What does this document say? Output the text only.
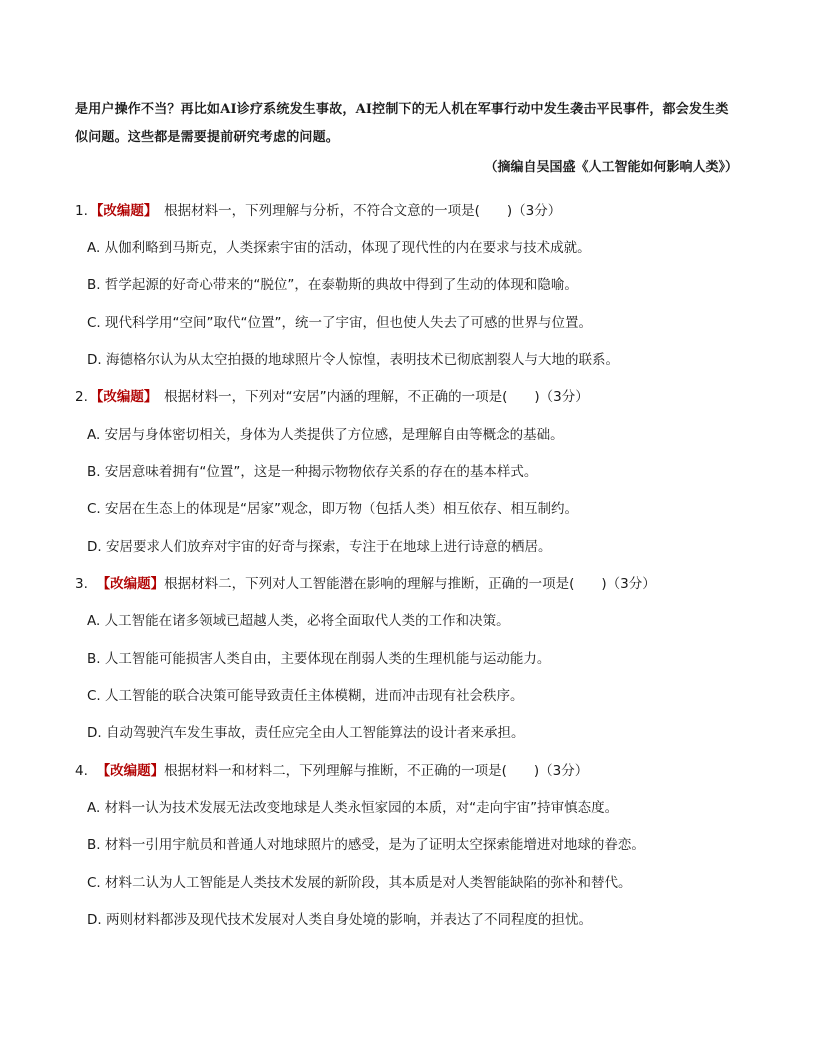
是用户操作不当？再比如AI诊疗系统发生事故，AI控制下的无人机在军事行动中发生袭击平民事件，都会发生类似问题。这些都是需要提前研究考虑的问题。
（摘编自吴国盛《人工智能如何影响人类》）
1. 【改编题】　 根据材料一，下列理解与分析，不符合文意的一项是(　　)（3分）
A. 从伽利略到马斯克，人类探索宇宙的活动，体现了现代性的内在要求与技术成就。
B. 哲学起源的好奇心带来的“脱位”，在泰勒斯的典故中得到了生动的体现和隐喻。
C. 现代科学用“空间”取代“位置”，统一了宇宙，但也使人失去了可感的世界与位置。
D. 海德格尔认为从太空拍摄的地球照片令人惊惶，表明技术已彻底割裂人与大地的联系。
2. 【改编题】　 根据材料一，下列对“安居”内涵的理解，不正确的一项是(　　)（3分）
A. 安居与身体密切相关，身体为人类提供了方位感，是理解自由等概念的基础。
B. 安居意味着拥有“位置”，这是一种揭示物物依存关系的存在的基本样式。
C. 安居在生态上的体现是“居家”观念，即万物（包括人类）相互依存、相互制约。
D. 安居要求人们放弃对宇宙的好奇与探索，专注于在地球上进行诗意的栖居。
3.　 【改编题】根据材料二，下列对人工智能潜在影响的理解与推断，正确的一项是(　　)（3分）
A. 人工智能在诸多领域已超越人类，必将全面取代人类的工作和决策。
B. 人工智能可能损害人类自由，主要体现在削弱人类的生理机能与运动能力。
C. 人工智能的联合决策可能导致责任主体模糊，进而冲击现有社会秩序。
D. 自动驾驶汽车发生事故，责任应完全由人工智能算法的设计者来承担。
4.　 【改编题】根据材料一和材料二，下列理解与推断，不正确的一项是(　　)（3分）
A. 材料一认为技术发展无法改变地球是人类永恒家园的本质，对“走向宇宙”持审慎态度。
B. 材料一引用宇航员和普通人对地球照片的感受，是为了证明太空探索能增进对地球的眷恋。
C. 材料二认为人工智能是人类技术发展的新阶段，其本质是对人类智能缺陷的弥补和替代。
D. 两则材料都涉及现代技术发展对人类自身处境的影响，并表达了不同程度的担忧。
